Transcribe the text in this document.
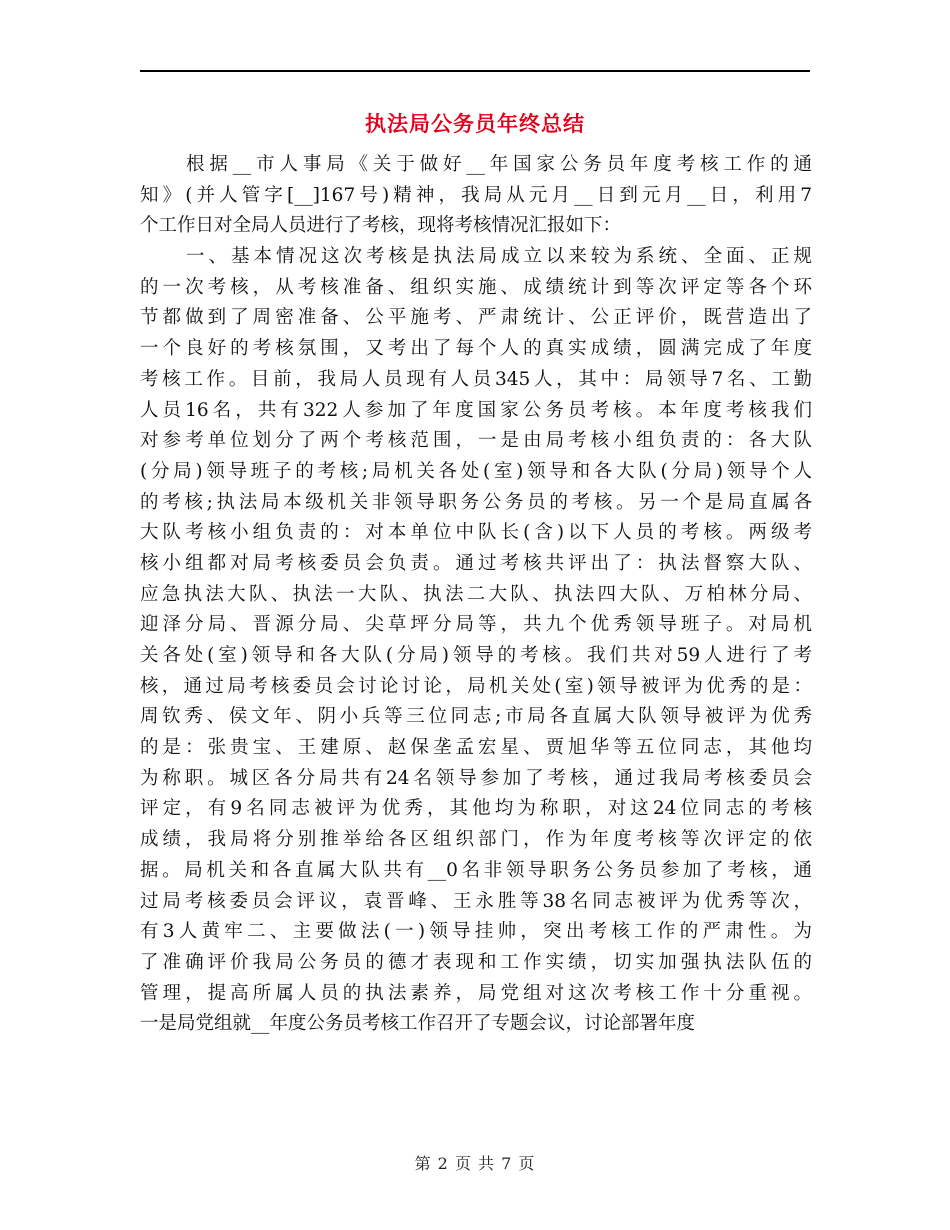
执法局公务员年终总结
根据__市人事局《关于做好__年国家公务员年度考核工作的通
知》(并人管字[__]167号)精神，我局从元月__日到元月__日，利用7
个工作日对全局人员进行了考核，现将考核情况汇报如下：
一、基本情况这次考核是执法局成立以来较为系统、全面、正规
的一次考核，从考核准备、组织实施、成绩统计到等次评定等各个环
节都做到了周密准备、公平施考、严肃统计、公正评价，既营造出了
一个良好的考核氛围，又考出了每个人的真实成绩，圆满完成了年度
考核工作。目前，我局人员现有人员345人，其中：局领导7名、工勤
人员16名，共有322人参加了年度国家公务员考核。本年度考核我们
对参考单位划分了两个考核范围，一是由局考核小组负责的：各大队
(分局)领导班子的考核;局机关各处(室)领导和各大队(分局)领导个人
的考核;执法局本级机关非领导职务公务员的考核。另一个是局直属各
大队考核小组负责的：对本单位中队长(含)以下人员的考核。两级考
核小组都对局考核委员会负责。通过考核共评出了：执法督察大队、
应急执法大队、执法一大队、执法二大队、执法四大队、万柏林分局、
迎泽分局、晋源分局、尖草坪分局等，共九个优秀领导班子。对局机
关各处(室)领导和各大队(分局)领导的考核。我们共对59人进行了考
核，通过局考核委员会讨论讨论，局机关处(室)领导被评为优秀的是：
周钦秀、侯文年、阴小兵等三位同志;市局各直属大队领导被评为优秀
的是：张贵宝、王建原、赵保垄孟宏星、贾旭华等五位同志，其他均
为称职。城区各分局共有24名领导参加了考核，通过我局考核委员会
评定，有9名同志被评为优秀，其他均为称职，对这24位同志的考核
成绩，我局将分别推举给各区组织部门，作为年度考核等次评定的依
据。局机关和各直属大队共有__0名非领导职务公务员参加了考核，通
过局考核委员会评议，袁晋峰、王永胜等38名同志被评为优秀等次，
有3人黄牢二、主要做法(一)领导挂帅，突出考核工作的严肃性。为
了准确评价我局公务员的德才表现和工作实绩，切实加强执法队伍的
管理，提高所属人员的执法素养，局党组对这次考核工作十分重视。
一是局党组就__年度公务员考核工作召开了专题会议，讨论部署年度
第 2 页 共 7 页
